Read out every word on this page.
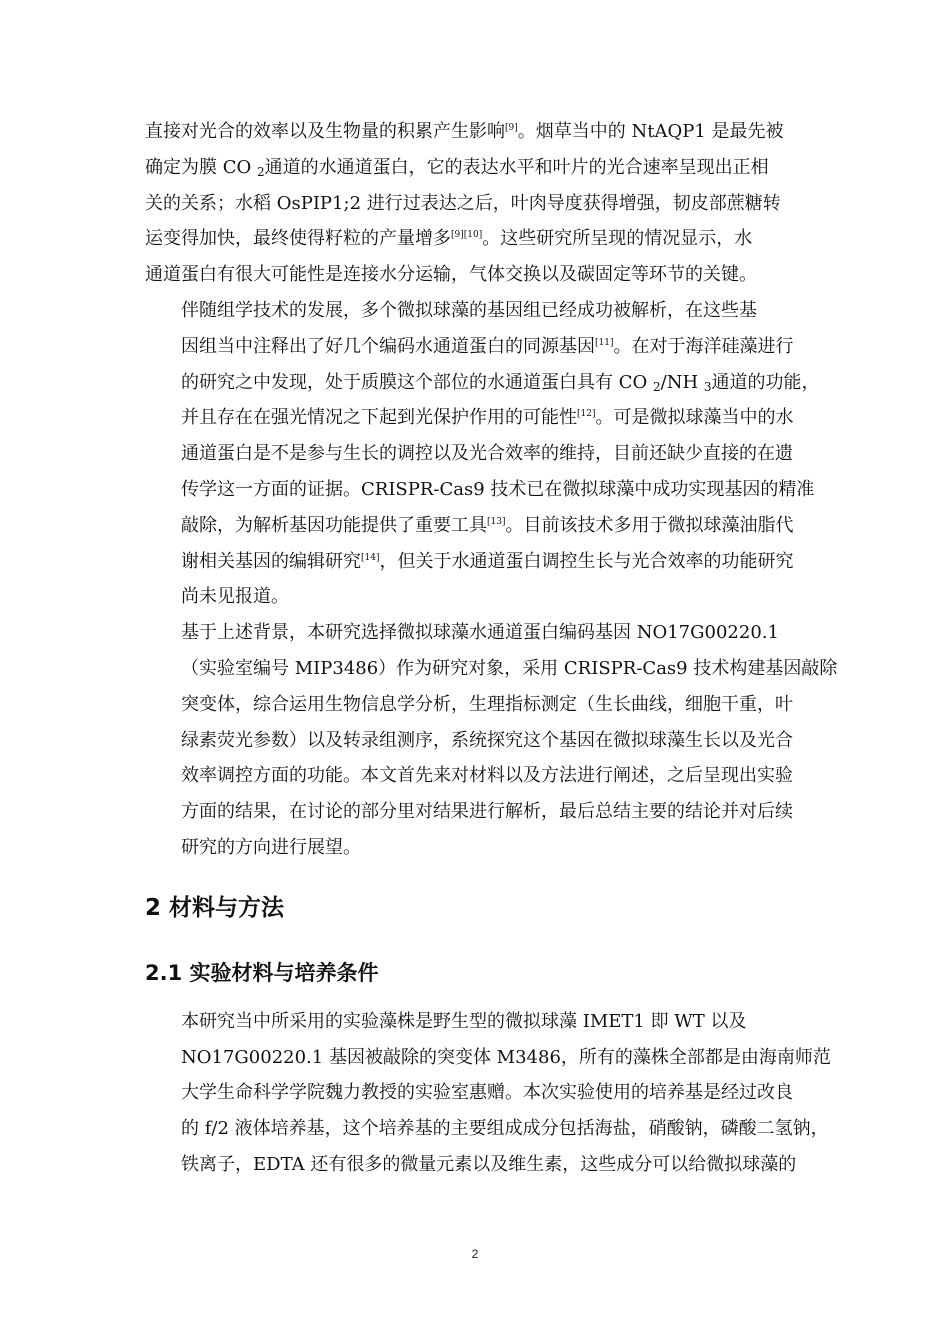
直接对光合的效率以及生物量的积累产生影响[9]。烟草当中的 NtAQP1 是最先被
确定为膜 CO $_2$通道的水通道蛋白，它的表达水平和叶片的光合速率呈现出正相
关的关系；水稻 OsPIP1;2 进行过表达之后，叶肉导度获得增强，韧皮部蔗糖转
运变得加快，最终使得籽粒的产量增多[9][10]。这些研究所呈现的情况显示，水
通道蛋白有很大可能性是连接水分运输，气体交换以及碳固定等环节的关键。

伴随组学技术的发展，多个微拟球藻的基因组已经成功被解析，在这些基
因组当中注释出了好几个编码水通道蛋白的同源基因[11]。在对于海洋硅藻进行
的研究之中发现，处于质膜这个部位的水通道蛋白具有 CO $_2$/NH $_3$通道的功能，
并且存在在强光情况之下起到光保护作用的可能性[12]。可是微拟球藻当中的水
通道蛋白是不是参与生长的调控以及光合效率的维持，目前还缺少直接的在遗
传学这一方面的证据。CRISPR-Cas9 技术已在微拟球藻中成功实现基因的精准
敲除，为解析基因功能提供了重要工具[13]。目前该技术多用于微拟球藻油脂代
谢相关基因的编辑研究[14]，但关于水通道蛋白调控生长与光合效率的功能研究
尚未见报道。

基于上述背景，本研究选择微拟球藻水通道蛋白编码基因 NO17G00220.1
（实验室编号 MIP3486）作为研究对象，采用 CRISPR-Cas9 技术构建基因敲除
突变体，综合运用生物信息学分析，生理指标测定（生长曲线，细胞干重，叶
绿素荧光参数）以及转录组测序，系统探究这个基因在微拟球藻生长以及光合
效率调控方面的功能。本文首先来对材料以及方法进行阐述，之后呈现出实验
方面的结果，在讨论的部分里对结果进行解析，最后总结主要的结论并对后续
研究的方向进行展望。

2 材料与方法
2.1 实验材料与培养条件

本研究当中所采用的实验藻株是野生型的微拟球藻 IMET1 即 WT 以及
NO17G00220.1 基因被敲除的突变体 M3486，所有的藻株全部都是由海南师范
大学生命科学学院魏力教授的实验室惠赠。本次实验使用的培养基是经过改良
的 f/2 液体培养基，这个培养基的主要组成成分包括海盐，硝酸钠，磷酸二氢钠，
铁离子，EDTA 还有很多的微量元素以及维生素，这些成分可以给微拟球藻的

2
